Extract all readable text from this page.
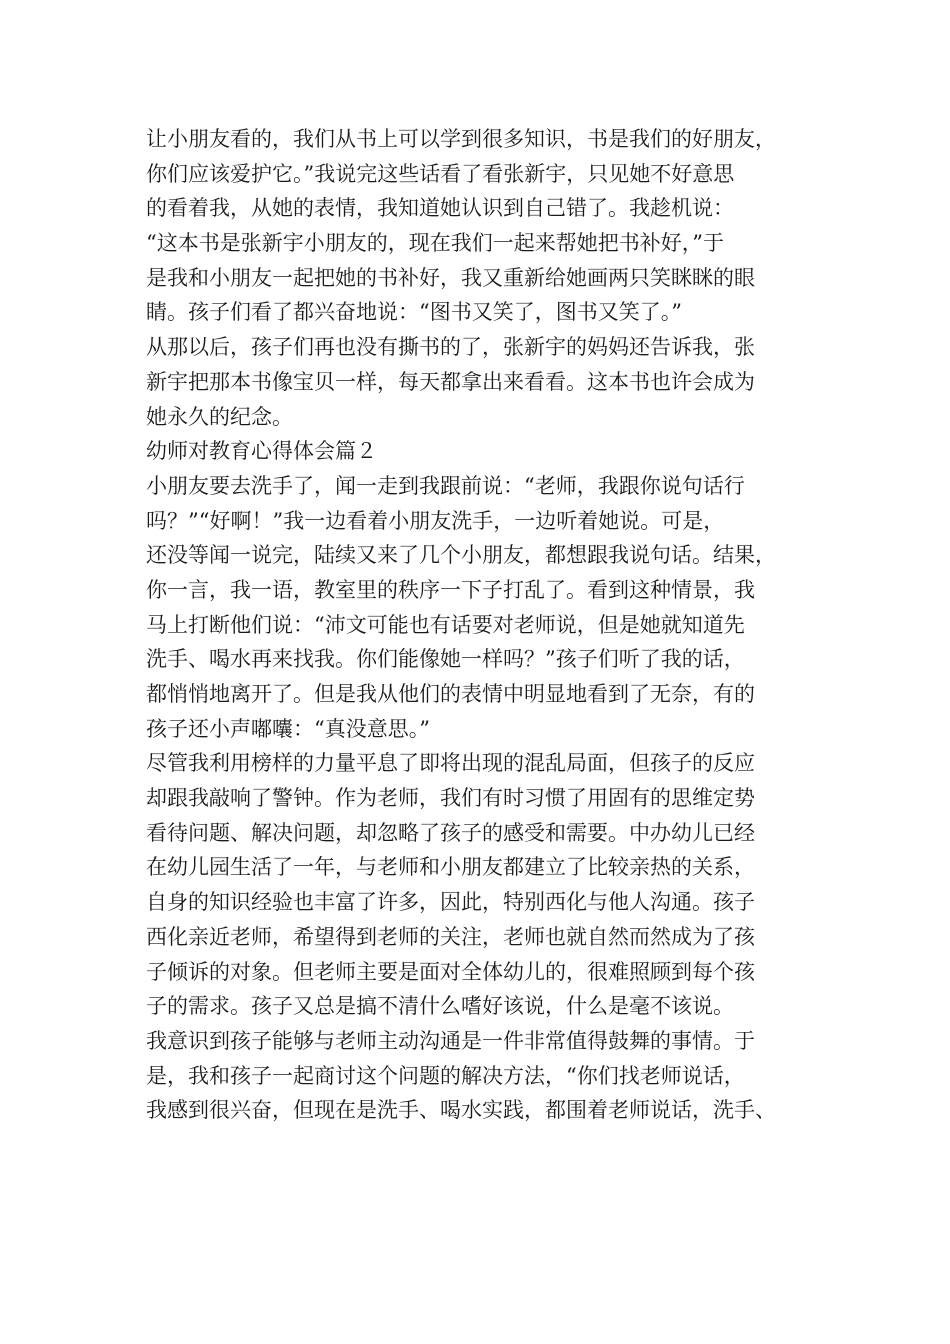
让小朋友看的，我们从书上可以学到很多知识，书是我们的好朋友，
你们应该爱护它。”我说完这些话看了看张新宇，只见她不好意思
的看着我，从她的表情，我知道她认识到自己错了。我趁机说：
“这本书是张新宇小朋友的，现在我们一起来帮她把书补好，”于
是我和小朋友一起把她的书补好，我又重新给她画两只笑眯眯的眼
睛。孩子们看了都兴奋地说：“图书又笑了，图书又笑了。”
从那以后，孩子们再也没有撕书的了，张新宇的妈妈还告诉我，张
新宇把那本书像宝贝一样，每天都拿出来看看。这本书也许会成为
她永久的纪念。
幼师对教育心得体会篇２
小朋友要去洗手了，闻一走到我跟前说：“老师，我跟你说句话行
吗？”“好啊！”我一边看着小朋友洗手，一边听着她说。可是，
还没等闻一说完，陆续又来了几个小朋友，都想跟我说句话。结果，
你一言，我一语，教室里的秩序一下子打乱了。看到这种情景，我
马上打断他们说：“沛文可能也有话要对老师说，但是她就知道先
洗手、喝水再来找我。你们能像她一样吗？”孩子们听了我的话，
都悄悄地离开了。但是我从他们的表情中明显地看到了无奈，有的
孩子还小声嘟囔：“真没意思。”
尽管我利用榜样的力量平息了即将出现的混乱局面，但孩子的反应
却跟我敲响了警钟。作为老师，我们有时习惯了用固有的思维定势
看待问题、解决问题，却忽略了孩子的感受和需要。中办幼儿已经
在幼儿园生活了一年，与老师和小朋友都建立了比较亲热的关系，
自身的知识经验也丰富了许多，因此，特别西化与他人沟通。孩子
西化亲近老师，希望得到老师的关注，老师也就自然而然成为了孩
子倾诉的对象。但老师主要是面对全体幼儿的，很难照顾到每个孩
子的需求。孩子又总是搞不清什么嗜好该说，什么是毫不该说。
我意识到孩子能够与老师主动沟通是一件非常值得鼓舞的事情。于
是，我和孩子一起商讨这个问题的解决方法，“你们找老师说话，
我感到很兴奋，但现在是洗手、喝水实践，都围着老师说话，洗手、
